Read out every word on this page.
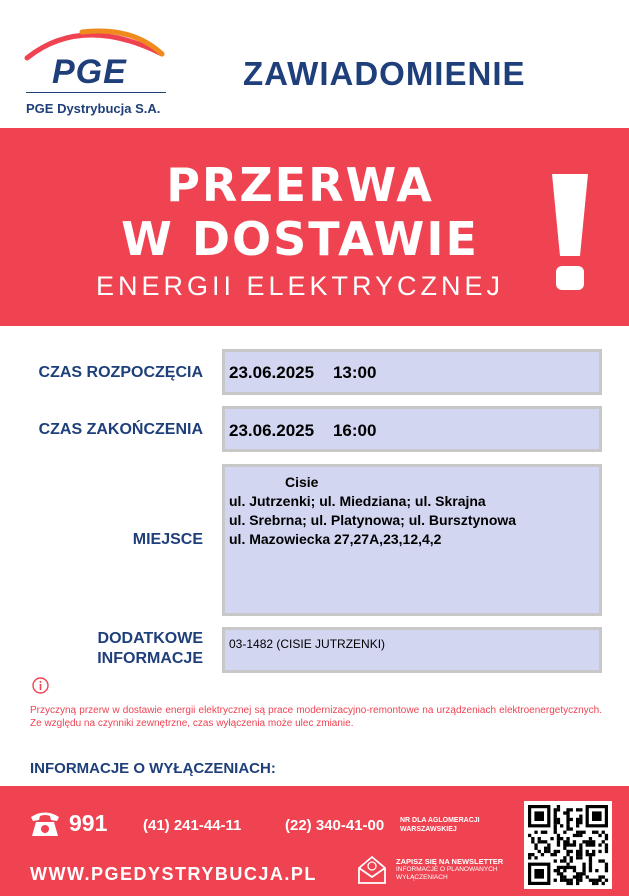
PGE
PGE Dystrybucja S.A.
ZAWIADOMIENIE
PRZERWA
W DOSTAWIE
ENERGII ELEKTRYCZNEJ
CZAS ROZPOCZĘCIA 23.06.2025    13:00
CZAS ZAKOŃCZENIA 23.06.2025    16:00
MIEJSCE
Cisie
ul. Jutrzenki; ul. Miedziana; ul. Skrajna
ul. Srebrna; ul. Platynowa; ul. Bursztynowa
ul. Mazowiecka 27,27A,23,12,4,2
DODATKOWE
INFORMACJE
03-1482 (CISIE JUTRZENKI)
Przyczyną przerw w dostawie energii elektrycznej są prace modernizacyjno-remontowe na urządzeniach elektroenergetycznych. Ze względu na czynniki zewnętrzne, czas wyłączenia może ulec zmianie.
INFORMACJE O WYŁĄCZENIACH:
991 (41) 241-44-11	(22) 340-41-00 NR DLA AGLOMERACJI WARSZAWSKIEJ
WWW.PGEDYSTRYBUCJA.PL
ZAPISZ SIĘ NA NEWSLETTER
INFORMACJE O PLANOWANYCH WYŁĄCZENIACH
